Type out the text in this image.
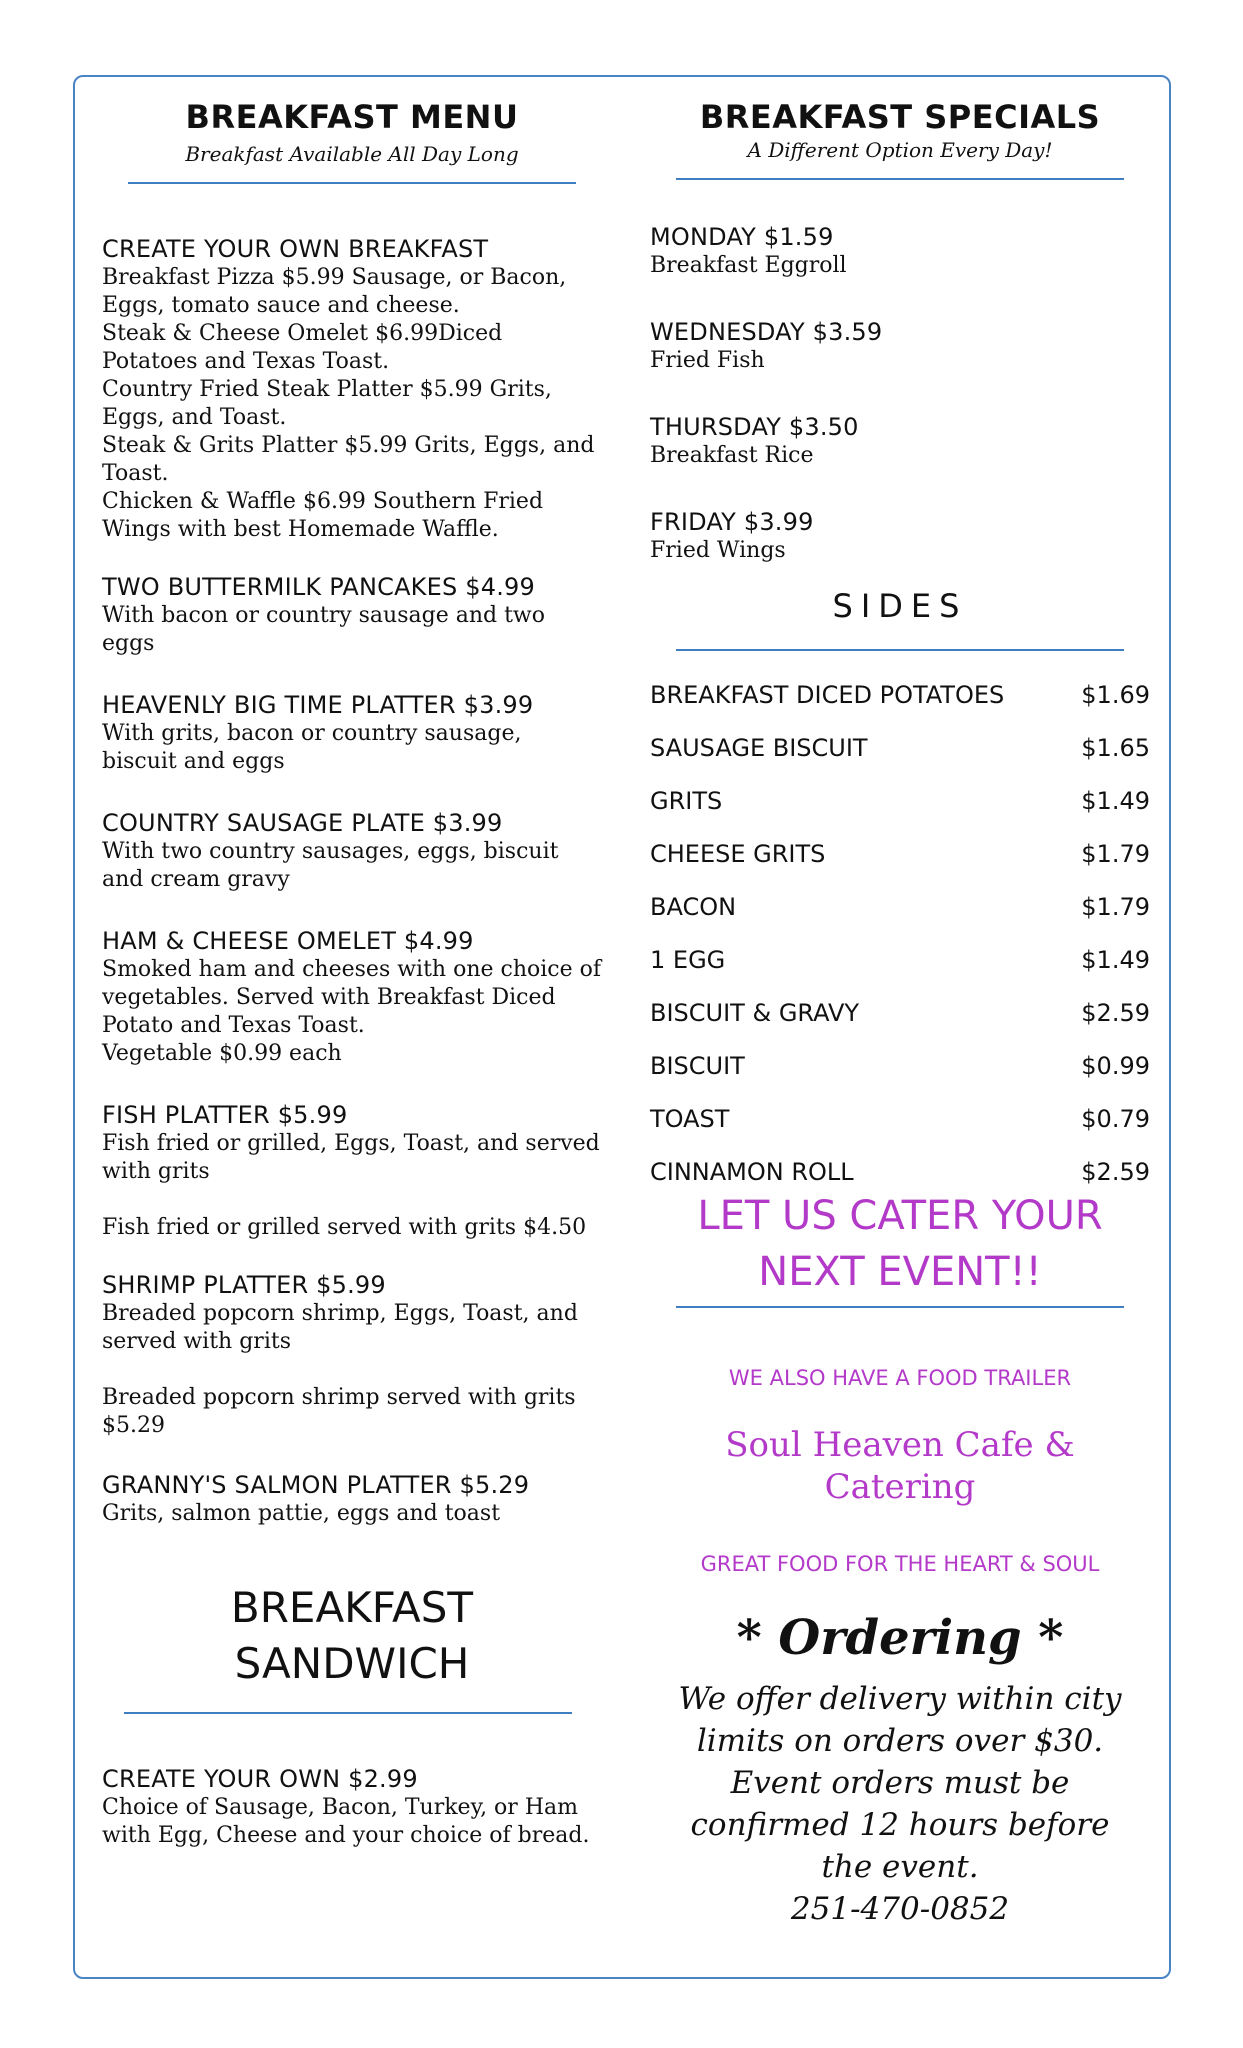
BREAKFAST MENU
Breakfast Available All Day Long
CREATE YOUR OWN BREAKFAST
Breakfast Pizza $5.99 Sausage, or Bacon, Eggs, tomato sauce and cheese.
Steak & Cheese Omelet $6.99Diced Potatoes and Texas Toast.
Country Fried Steak Platter $5.99 Grits, Eggs, and Toast.
Steak & Grits Platter $5.99 Grits, Eggs, and Toast.
Chicken & Waffle $6.99 Southern Fried Wings with best Homemade Waffle.
TWO BUTTERMILK PANCAKES $4.99
With bacon or country sausage and two eggs
HEAVENLY BIG TIME PLATTER $3.99
With grits, bacon or country sausage, biscuit and eggs
COUNTRY SAUSAGE PLATE $3.99
With two country sausages, eggs, biscuit and cream gravy
HAM & CHEESE OMELET $4.99
Smoked ham and cheeses with one choice of vegetables. Served with Breakfast Diced Potato and Texas Toast.
Vegetable $0.99 each
FISH PLATTER $5.99
Fish fried or grilled, Eggs, Toast, and served with grits
Fish fried or grilled served with grits $4.50
SHRIMP PLATTER $5.99
Breaded popcorn shrimp, Eggs, Toast, and served with grits
Breaded popcorn shrimp served with grits $5.29
GRANNY'S SALMON PLATTER $5.29
Grits, salmon pattie, eggs and toast
BREAKFAST
SANDWICH
CREATE YOUR OWN $2.99
Choice of Sausage, Bacon, Turkey, or Ham with Egg, Cheese and your choice of bread.
BREAKFAST SPECIALS
A Different Option Every Day!
MONDAY $1.59
Breakfast Eggroll
WEDNESDAY $3.59
Fried Fish
THURSDAY $3.50
Breakfast Rice
FRIDAY $3.99
Fried Wings
SIDES
BREAKFAST DICED POTATOES	$1.69
SAUSAGE BISCUIT	$1.65
GRITS	$1.49
CHEESE GRITS	$1.79
BACON	$1.79
1 EGG	$1.49
BISCUIT & GRAVY	$2.59
BISCUIT	$0.99
TOAST	$0.79
CINNAMON ROLL	$2.59
LET US CATER YOUR
NEXT EVENT!!
WE ALSO HAVE A FOOD TRAILER
Soul Heaven Cafe &
Catering
GREAT FOOD FOR THE HEART & SOUL
* Ordering *
We offer delivery within city
limits on orders over $30.
Event orders must be
confirmed 12 hours before
the event.
251-470-0852
